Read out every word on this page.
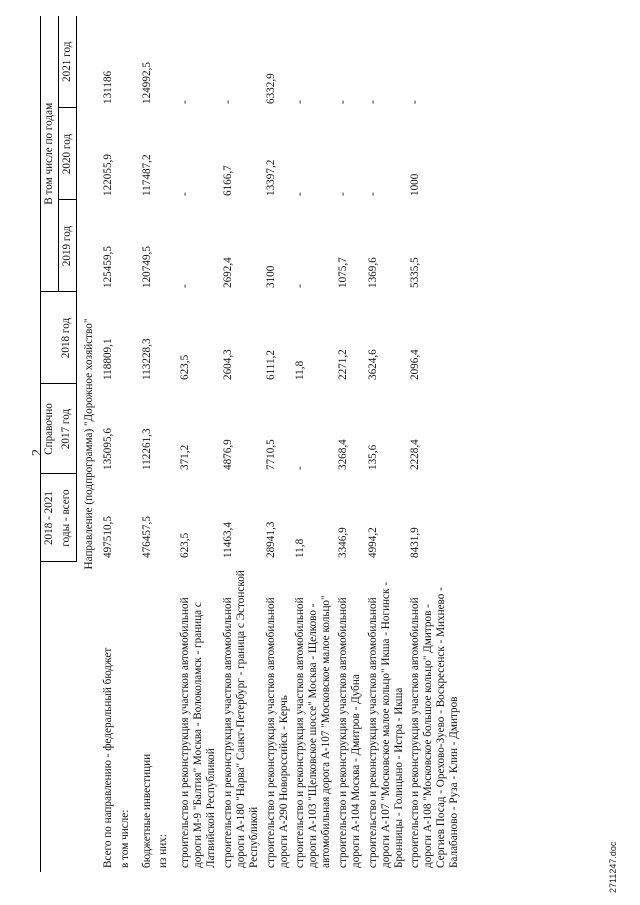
2
	2018 - 2021	Справочно		В том числе по годам		
	годы - всего	2017 год	2018 год	2019 год	2020 год	2021 год
Направление (подпрограмма) "Дорожное хозяйство"						
Всего по направлению - федеральный бюджет	497510,5	135095,6	118809,1	125459,5	122055,9	131186
в том числе:						
бюджетные инвестиции	476457,5	112261,3	113228,3	120749,5	117487,2	124992,5
из них:						
строительство и реконструкция участков автомобильной дороги М-9 "Балтия" Москва - Волоколамск - граница с Латвийской Республикой	623,5	371,2	623,5	-	-	-
строительство и реконструкция участков автомобильной дороги А-180 "Нарва" Санкт-Петербург - граница с Эстонской Республикой	11463,4	4876,9	2604,3	2692,4	6166,7	-
строительство и реконструкция участков автомобильной дороги А-290 Новороссийск - Керчь	28941,3	7710,5	6111,2	3100	13397,2	6332,9
строительство и реконструкция участков автомобильной дороги А-103 "Щелковское шоссе" Москва - Щелково - автомобильная дорога А-107 "Московское малое кольцо"	11,8	-	11,8	-	-	-
строительство и реконструкция участков автомобильной дороги А-104 Москва - Дмитров - Дубна	3346,9	3268,4	2271,2	1075,7	-	-
строительство и реконструкция участков автомобильной дороги А-107 "Московское малое кольцо" Икша - Ногинск - Бронницы - Голицыно - Истра - Икша	4994,2	135,6	3624,6	1369,6	-	-
строительство и реконструкция участков автомобильной дороги А-108 "Московское большое кольцо" Дмитров - Сергиев Посад - Орехово-Зуево - Воскресенск - Михнево - Балабаново - Руза - Клин - Дмитров	8431,9	2228,4	2096,4	5335,5	1000	-
2711247.doc
